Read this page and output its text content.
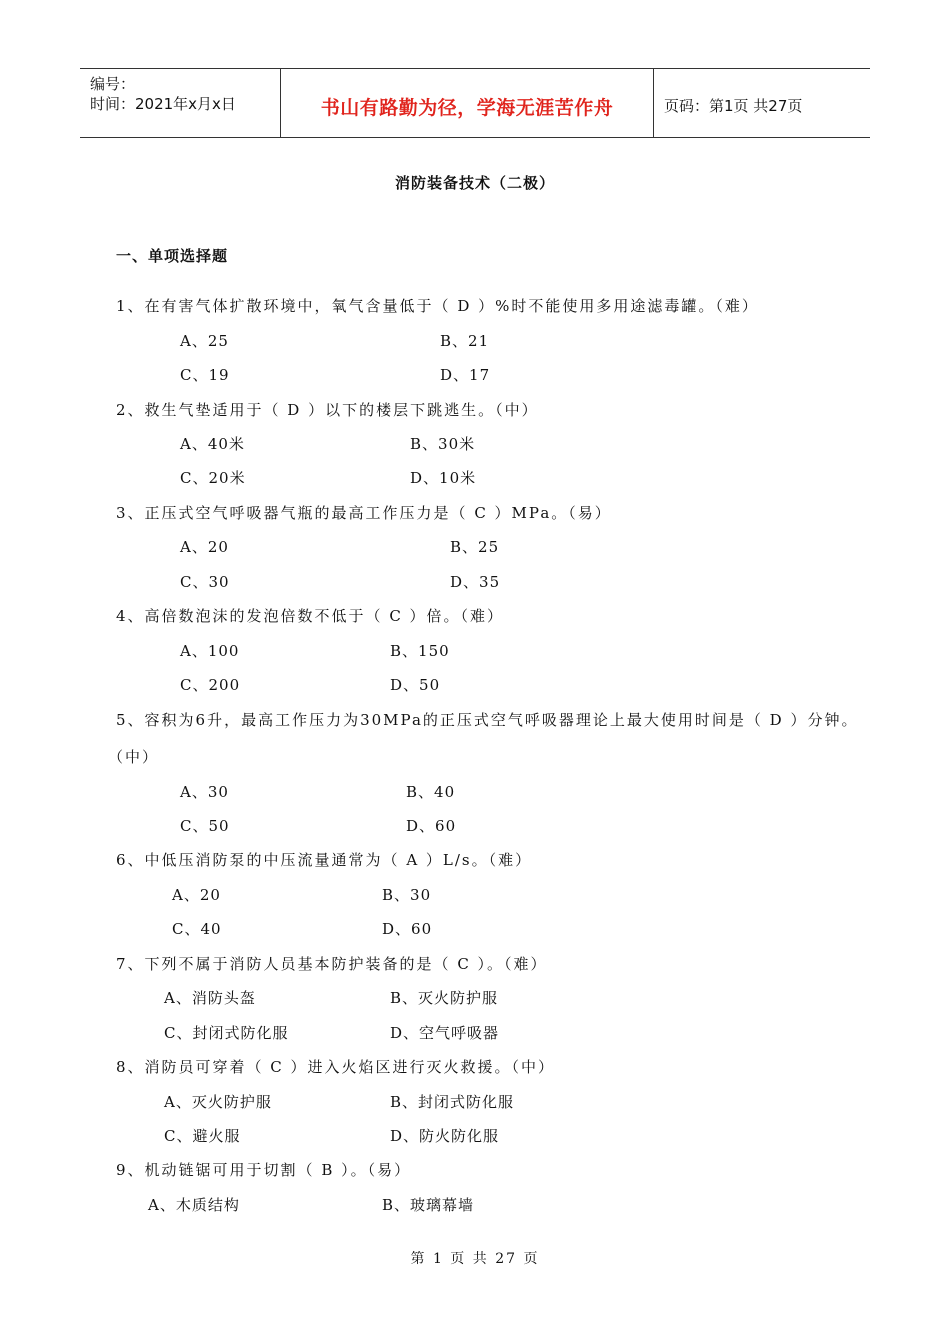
编号：
时间：2021年x月x日	书山有路勤为径，学海无涯苦作舟	页码：第1页 共27页
消防装备技术（二极）
一、单项选择题
1、在有害气体扩散环境中，氧气含量低于（ D ）%时不能使用多用途滤毒罐。（难）
A、25	B、21
C、19	D、17
2、救生气垫适用于（ D ）以下的楼层下跳逃生。（中）
A、40米	B、30米
C、20米	D、10米
3、正压式空气呼吸器气瓶的最高工作压力是（ C ）MPa。（易）
A、20	B、25
C、30	D、35
4、高倍数泡沫的发泡倍数不低于（ C ）倍。（难）
A、100	B、150
C、200	D、50
5、容积为6升，最高工作压力为30MPa的正压式空气呼吸器理论上最大使用时间是（ D ）分钟。
（中）
A、30	B、40
C、50	D、60
6、中低压消防泵的中压流量通常为（ A ）L/s。（难）
A、20	B、30
C、40	D、60
7、下列不属于消防人员基本防护装备的是（ C ）。（难）
A、消防头盔	B、灭火防护服
C、封闭式防化服	D、空气呼吸器
8、消防员可穿着（ C ）进入火焰区进行灭火救援。（中）
A、灭火防护服	B、封闭式防化服
C、避火服	D、防火防化服
9、机动链锯可用于切割（ B ）。（易）
A、木质结构	B、玻璃幕墙
第 1 页 共 27 页
